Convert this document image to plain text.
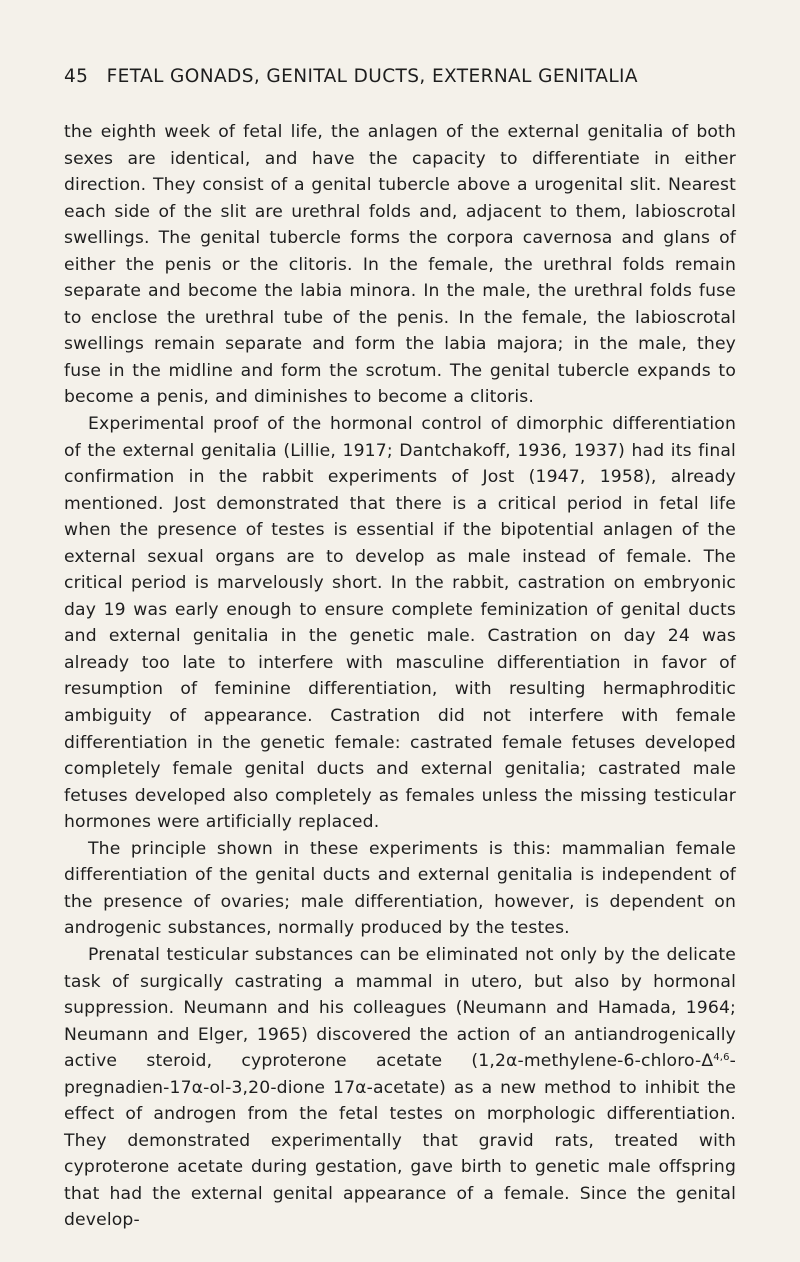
45 FETAL GONADS, GENITAL DUCTS, EXTERNAL GENITALIA

the eighth week of fetal life, the anlagen of the external genitalia of both sexes are identical, and have the capacity to differentiate in either direction. They consist of a genital tubercle above a urogenital slit. Nearest each side of the slit are urethral folds and, adjacent to them, labioscrotal swellings. The genital tubercle forms the corpora cavernosa and glans of either the penis or the clitoris. In the female, the urethral folds remain separate and become the labia minora. In the male, the urethral folds fuse to enclose the urethral tube of the penis. In the female, the labioscrotal swellings remain separate and form the labia majora; in the male, they fuse in the midline and form the scrotum. The genital tubercle expands to become a penis, and diminishes to become a clitoris.

Experimental proof of the hormonal control of dimorphic differentiation of the external genitalia (Lillie, 1917; Dantchakoff, 1936, 1937) had its final confirmation in the rabbit experiments of Jost (1947, 1958), already mentioned. Jost demonstrated that there is a critical period in fetal life when the presence of testes is essential if the bipotential anlagen of the external sexual organs are to develop as male instead of female. The critical period is marvelously short. In the rabbit, castration on embryonic day 19 was early enough to ensure complete feminization of genital ducts and external genitalia in the genetic male. Castration on day 24 was already too late to interfere with masculine differentiation in favor of resumption of feminine differentiation, with resulting hermaphroditic ambiguity of appearance. Castration did not interfere with female differentiation in the genetic female: castrated female fetuses developed completely female genital ducts and external genitalia; castrated male fetuses developed also completely as females unless the missing testicular hormones were artificially replaced.

The principle shown in these experiments is this: mammalian female differentiation of the genital ducts and external genitalia is independent of the presence of ovaries; male differentiation, however, is dependent on androgenic substances, normally produced by the testes.

Prenatal testicular substances can be eliminated not only by the delicate task of surgically castrating a mammal in utero, but also by hormonal suppression. Neumann and his colleagues (Neumann and Hamada, 1964; Neumann and Elger, 1965) discovered the action of an antiandrogenically active steroid, cyproterone acetate ($1,2\alpha-methylene-6-chloro-\Delta^{4,6}-pregnadien-17\alpha-ol-3,20$-dione 17α-acetate) as a new method to inhibit the effect of androgen from the fetal testes on morphologic differentiation. They demonstrated experimentally that gravid rats, treated with cyproterone acetate during gestation, gave birth to genetic male offspring that had the external genital appearance of a female. Since the genital develop-
